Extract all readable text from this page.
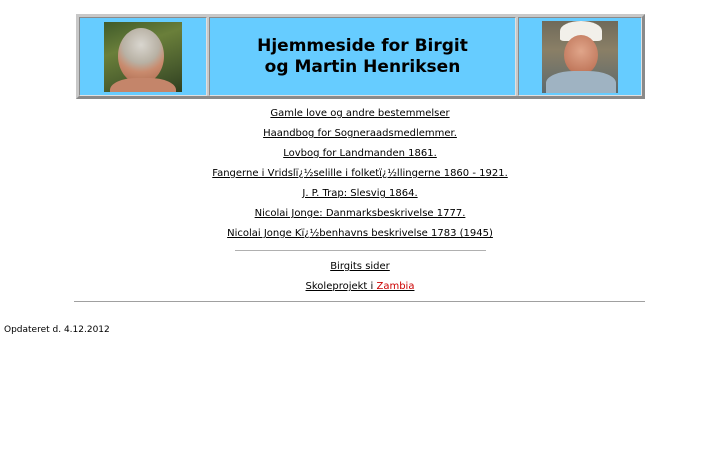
Hjemmeside for Birgit
og Martin Henriksen
Gamle love og andre bestemmelser
Haandbog for Sogneraadsmedlemmer.
Lovbog for Landmanden 1861.
Fangerne i Vridslï¿½selille i folketï¿½llingerne 1860 - 1921.
J. P. Trap: Slesvig 1864.
Nicolai Jonge: Danmarksbeskrivelse 1777.
Nicolai Jonge Kï¿½benhavns beskrivelse 1783 (1945)
Birgits sider
Skoleprojekt i Zambia
Opdateret d. 4.12.2012
